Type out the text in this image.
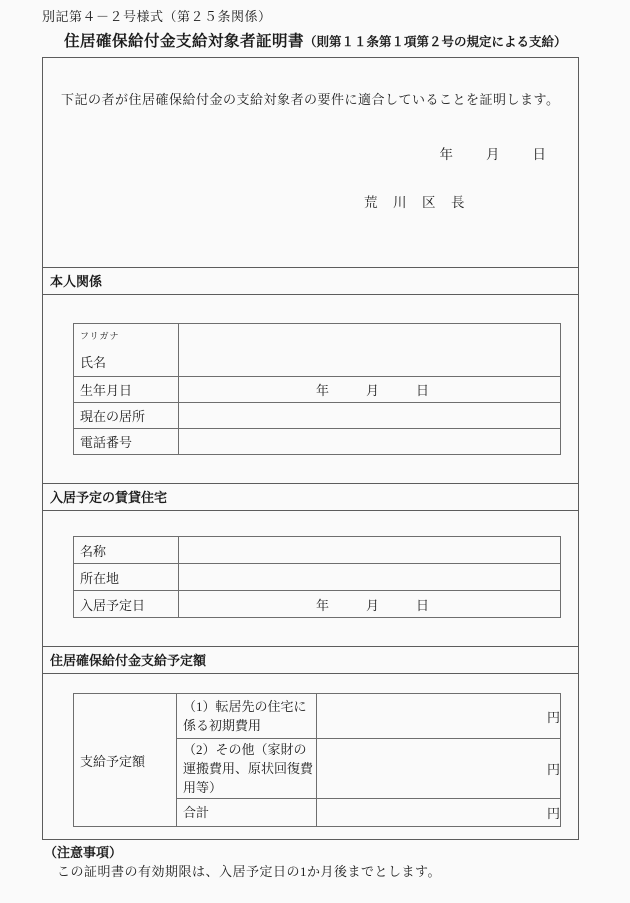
別記第４－２号様式（第２５条関係）
住居確保給付金支給対象者証明書 （則第１１条第１項第２号の規定による支給）
下記の者が住居確保給付金の支給対象者の要件に適合していることを証明します。
年 月 日
荒　川　区　長
本人関係
フリガナ
氏名	

生年月日	年 月 日

現在の居所	
電話番号	
入居予定の賃貸住宅
名称	
所在地	
入居予定日	年 月 日
住居確保給付金支給予定額
支給予定額	（1）転居先の住宅に係る初期費用	円
	（2）その他（家財の運搬費用、原状回復費用等）	円
	合計	円
（注意事項）
この証明書の有効期限は、入居予定日の1か月後までとします。
